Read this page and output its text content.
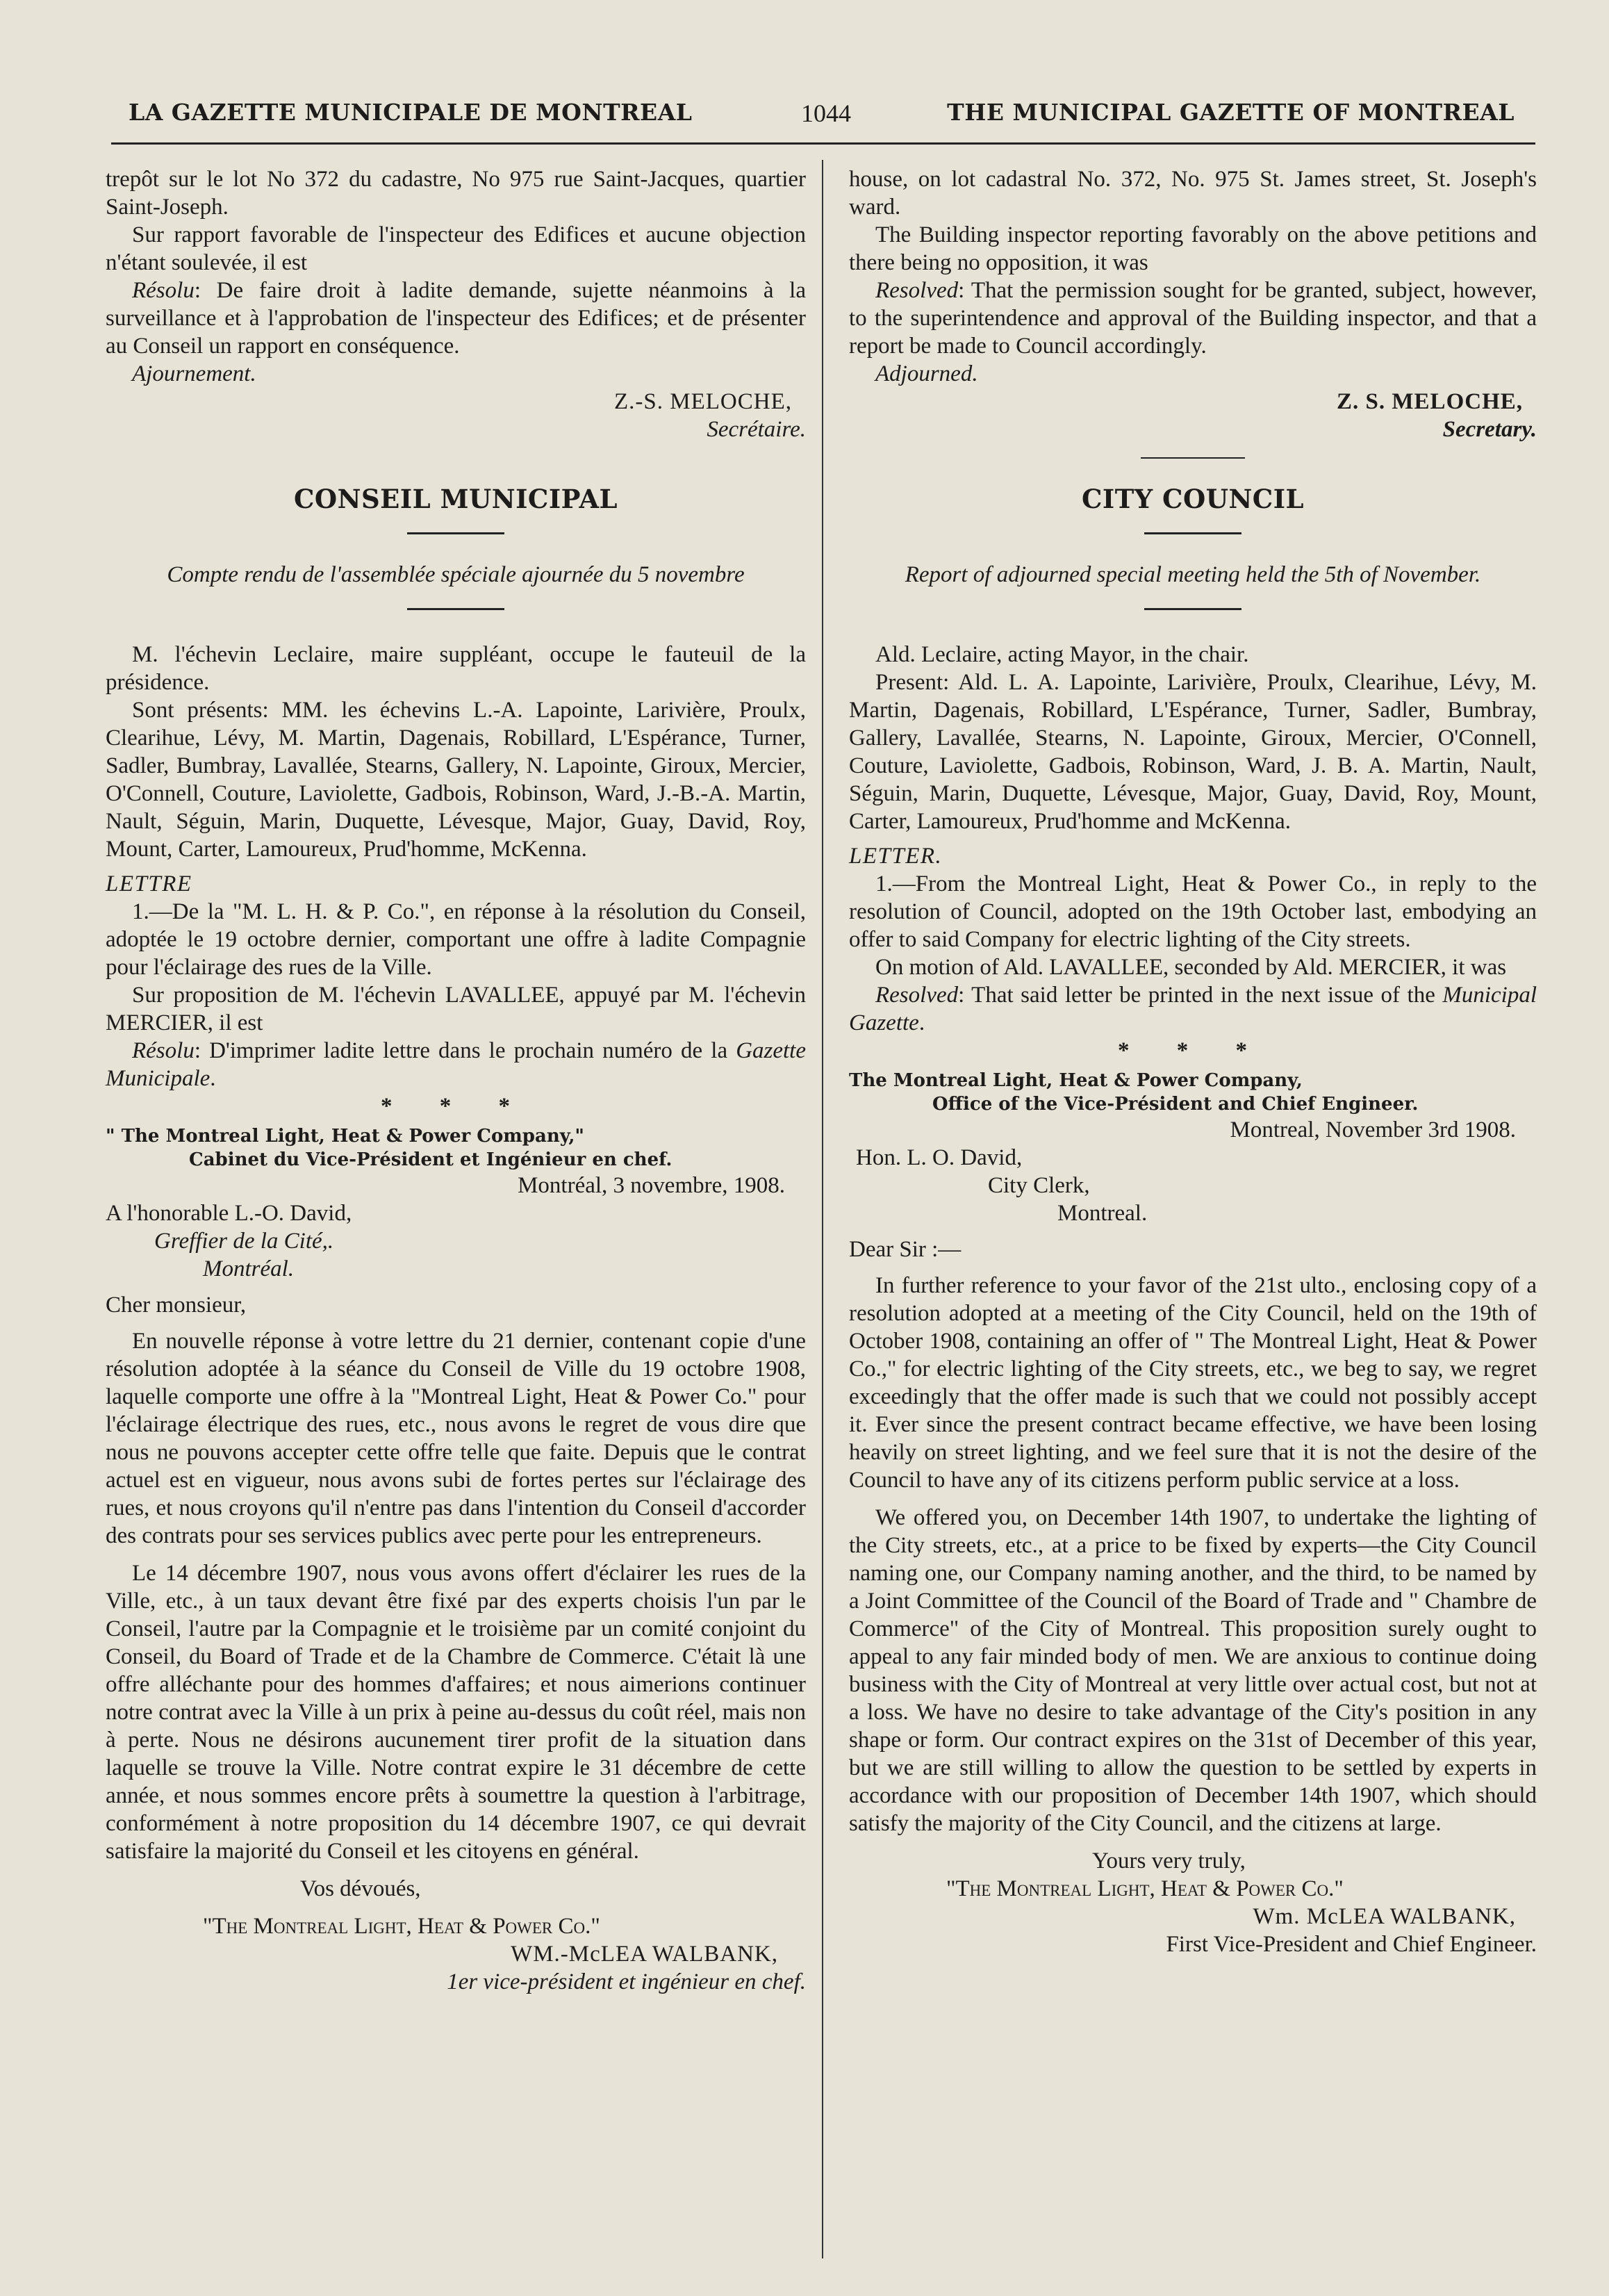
LA GAZETTE MUNICIPALE DE MONTREAL	1044	THE MUNICIPAL GAZETTE OF MONTREAL

trepôt sur le lot No 372 du cadastre, No 975 rue Saint-Jacques, quartier Saint-Joseph.

Sur rapport favorable de l'inspecteur des Edifices et aucune objection n'étant soulevée, il est

Résolu: De faire droit à ladite demande, sujette néanmoins à la surveillance et à l'approbation de l'inspecteur des Edifices; et de présenter au Conseil un rapport en conséquence.

Ajournement.

Z.-S. MELOCHE,

Secrétaire.

CONSEIL MUNICIPAL

Compte rendu de l'assemblée spéciale ajournée du 5 novembre

M. l'échevin Leclaire, maire suppléant, occupe le fauteuil de la présidence.

Sont présents: MM. les échevins L.-A. Lapointe, Larivière, Proulx, Clearihue, Lévy, M. Martin, Dagenais, Robillard, L'Espérance, Turner, Sadler, Bumbray, Lavallée, Stearns, Gallery, N. Lapointe, Giroux, Mercier, O'Connell, Couture, Laviolette, Gadbois, Robinson, Ward, J.-B.-A. Martin, Nault, Séguin, Marin, Duquette, Lévesque, Major, Guay, David, Roy, Mount, Carter, Lamoureux, Prud'homme, McKenna.

LETTRE

1.—De la "M. L. H. & P. Co.", en réponse à la résolution du Conseil, adoptée le 19 octobre dernier, comportant une offre à ladite Compagnie pour l'éclairage des rues de la Ville.

Sur proposition de M. l'échevin LAVALLEE, appuyé par M. l'échevin MERCIER, il est

Résolu: D'imprimer ladite lettre dans le prochain numéro de la Gazette Municipale.

* * *

" The Montreal Light, Heat & Power Company,"

Cabinet du Vice-Président et Ingénieur en chef.

Montréal, 3 novembre, 1908.

A l'honorable L.-O. David,

Greffier de la Cité,.

Montréal.

Cher monsieur,

En nouvelle réponse à votre lettre du 21 dernier, contenant copie d'une résolution adoptée à la séance du Conseil de Ville du 19 octobre 1908, laquelle comporte une offre à la "Montreal Light, Heat & Power Co." pour l'éclairage électrique des rues, etc., nous avons le regret de vous dire que nous ne pouvons accepter cette offre telle que faite. Depuis que le contrat actuel est en vigueur, nous avons subi de fortes pertes sur l'éclairage des rues, et nous croyons qu'il n'entre pas dans l'intention du Conseil d'accorder des contrats pour ses services publics avec perte pour les entrepreneurs.

Le 14 décembre 1907, nous vous avons offert d'éclairer les rues de la Ville, etc., à un taux devant être fixé par des experts choisis l'un par le Conseil, l'autre par la Compagnie et le troisième par un comité conjoint du Conseil, du Board of Trade et de la Chambre de Commerce. C'était là une offre alléchante pour des hommes d'affaires; et nous aimerions continuer notre contrat avec la Ville à un prix à peine au-dessus du coût réel, mais non à perte. Nous ne désirons aucunement tirer profit de la situation dans laquelle se trouve la Ville. Notre contrat expire le 31 décembre de cette année, et nous sommes encore prêts à soumettre la question à l'arbitrage, conformément à notre proposition du 14 décembre 1907, ce qui devrait satisfaire la majorité du Conseil et les citoyens en général.

Vos dévoués,

"The Montreal Light, Heat & Power Co."

WM.-McLEA WALBANK,

1er vice-président et ingénieur en chef.

house, on lot cadastral No. 372, No. 975 St. James street, St. Joseph's ward.

The Building inspector reporting favorably on the above petitions and there being no opposition, it was

Resolved: That the permission sought for be granted, subject, however, to the superintendence and approval of the Building inspector, and that a report be made to Council accordingly.

Adjourned.

Z. S. MELOCHE,

Secretary.

CITY COUNCIL

Report of adjourned special meeting held the 5th of November.

Ald. Leclaire, acting Mayor, in the chair.

Present: Ald. L. A. Lapointe, Larivière, Proulx, Clearihue, Lévy, M. Martin, Dagenais, Robillard, L'Espérance, Turner, Sadler, Bumbray, Gallery, Lavallée, Stearns, N. Lapointe, Giroux, Mercier, O'Connell, Couture, Laviolette, Gadbois, Robinson, Ward, J. B. A. Martin, Nault, Séguin, Marin, Duquette, Lévesque, Major, Guay, David, Roy, Mount, Carter, Lamoureux, Prud'homme and McKenna.

LETTER.

1.—From the Montreal Light, Heat & Power Co., in reply to the resolution of Council, adopted on the 19th October last, embodying an offer to said Company for electric lighting of the City streets.

On motion of Ald. LAVALLEE, seconded by Ald. MERCIER, it was

Resolved: That said letter be printed in the next issue of the Municipal Gazette.

* * *

The Montreal Light, Heat & Power Company,

Office of the Vice-Président and Chief Engineer.

Montreal, November 3rd 1908.

Hon. L. O. David,

City Clerk,

Montreal.

Dear Sir :—

In further reference to your favor of the 21st ulto., enclosing copy of a resolution adopted at a meeting of the City Council, held on the 19th of October 1908, containing an offer of " The Montreal Light, Heat & Power Co.," for electric lighting of the City streets, etc., we beg to say, we regret exceedingly that the offer made is such that we could not possibly accept it. Ever since the present contract became effective, we have been losing heavily on street lighting, and we feel sure that it is not the desire of the Council to have any of its citizens perform public service at a loss.

We offered you, on December 14th 1907, to undertake the lighting of the City streets, etc., at a price to be fixed by experts—the City Council naming one, our Company naming another, and the third, to be named by a Joint Committee of the Council of the Board of Trade and " Chambre de Commerce" of the City of Montreal. This proposition surely ought to appeal to any fair minded body of men. We are anxious to continue doing business with the City of Montreal at very little over actual cost, but not at a loss. We have no desire to take advantage of the City's position in any shape or form. Our contract expires on the 31st of December of this year, but we are still willing to allow the question to be settled by experts in accordance with our proposition of December 14th 1907, which should satisfy the majority of the City Council, and the citizens at large.

Yours very truly,

"The Montreal Light, Heat & Power Co."

Wm. McLEA WALBANK,

First Vice-President and Chief Engineer.
